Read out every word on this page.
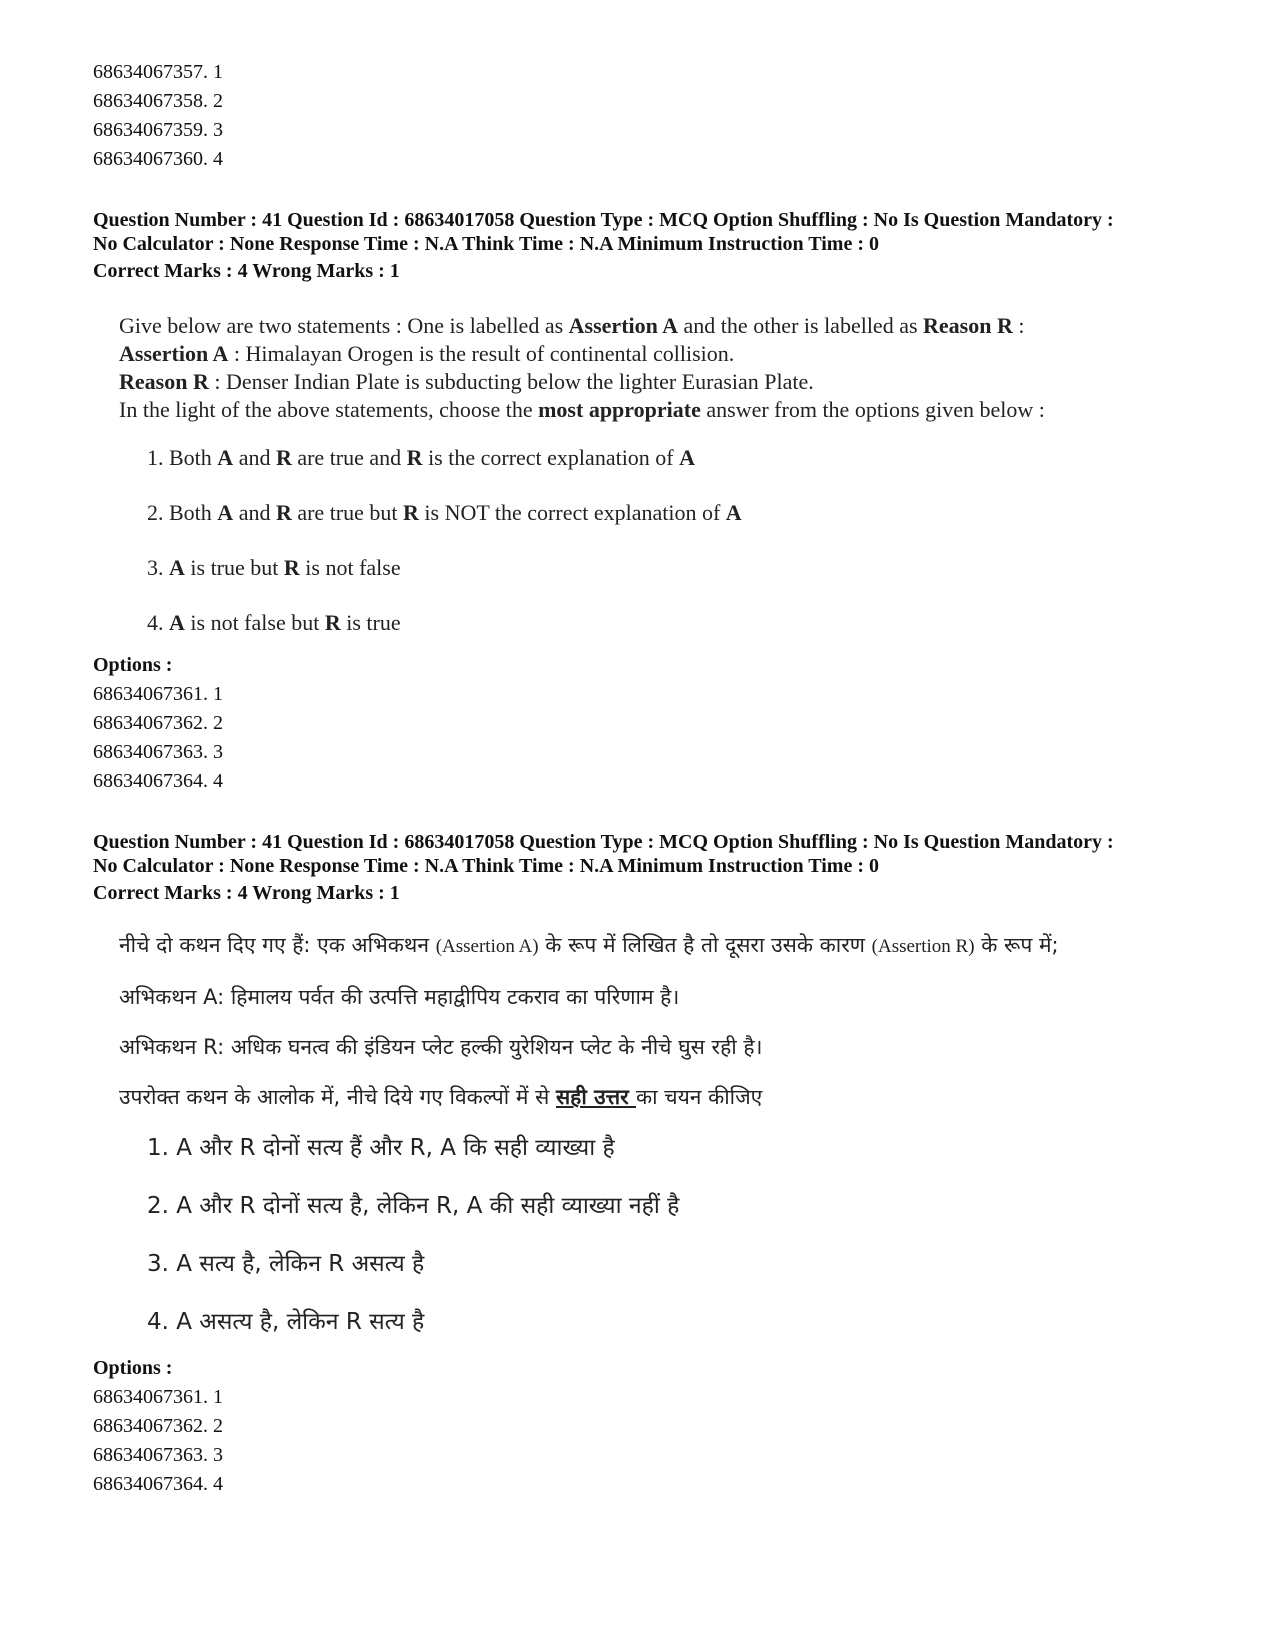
68634067357. 1
68634067358. 2
68634067359. 3
68634067360. 4
Question Number : 41 Question Id : 68634017058 Question Type : MCQ Option Shuffling : No Is Question Mandatory :
No Calculator : None Response Time : N.A Think Time : N.A Minimum Instruction Time : 0
Correct Marks : 4 Wrong Marks : 1
Give below are two statements : One is labelled as Assertion A and the other is labelled as Reason R :
Assertion A : Himalayan Orogen is the result of continental collision.
Reason R : Denser Indian Plate is subducting below the lighter Eurasian Plate.
In the light of the above statements, choose the most appropriate answer from the options given below :
1. Both A and R are true and R is the correct explanation of A
2. Both A and R are true but R is NOT the correct explanation of A
3. A is true but R is not false
4. A is not false but R is true
Options :
68634067361. 1
68634067362. 2
68634067363. 3
68634067364. 4
Question Number : 41 Question Id : 68634017058 Question Type : MCQ Option Shuffling : No Is Question Mandatory :
No Calculator : None Response Time : N.A Think Time : N.A Minimum Instruction Time : 0
Correct Marks : 4 Wrong Marks : 1
नीचे दो कथन दिए गए हैं: एक अभिकथन (Assertion A) के रूप में लिखित है तो दूसरा उसके कारण (Assertion R) के रूप में;
अभिकथन A: हिमालय पर्वत की उत्पत्ति महाद्वीपिय टकराव का परिणाम है।
अभिकथन R: अधिक घनत्व की इंडियन प्लेट हल्की युरेशियन प्लेट के नीचे घुस रही है।
उपरोक्त कथन के आलोक में, नीचे दिये गए विकल्पों में से सही उत्तर का चयन कीजिए
1. A और R दोनों सत्य हैं और R, A कि सही व्याख्या है
2. A और R दोनों सत्य है, लेकिन R, A की सही व्याख्या नहीं है
3. A सत्य है, लेकिन R असत्य है
4. A असत्य है, लेकिन R सत्य है
Options :
68634067361. 1
68634067362. 2
68634067363. 3
68634067364. 4
